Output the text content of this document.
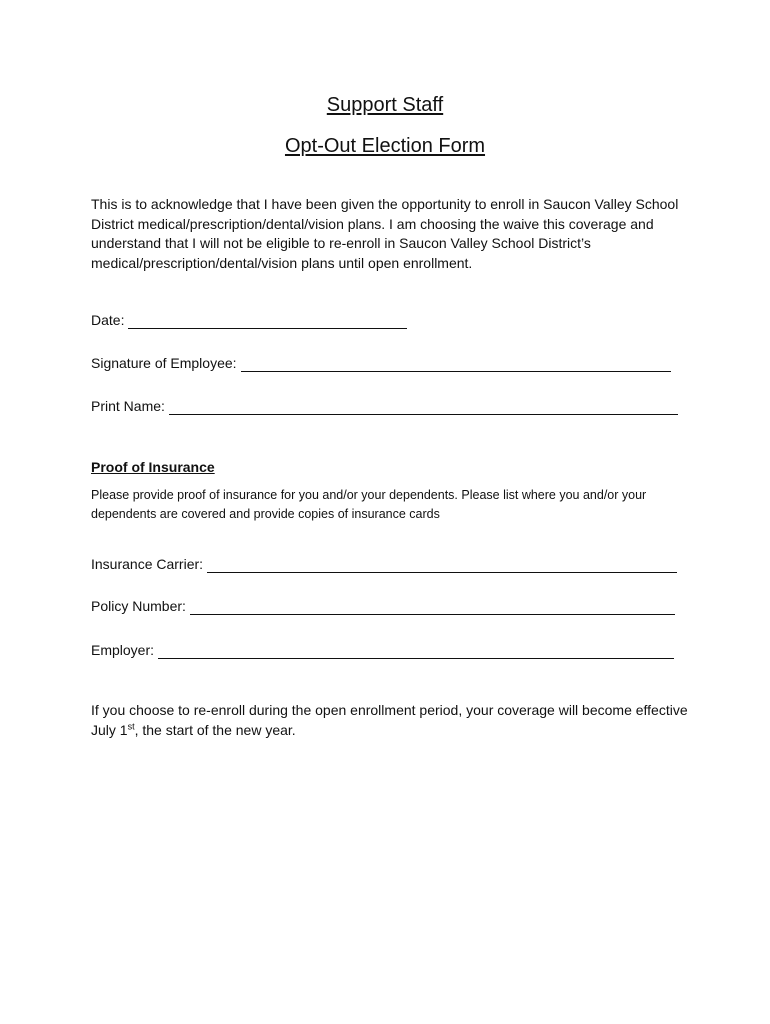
Support Staff
Opt-Out Election Form
This is to acknowledge that I have been given the opportunity to enroll in Saucon Valley School District medical/prescription/dental/vision plans. I am choosing the waive this coverage and understand that I will not be eligible to re-enroll in Saucon Valley School District’s medical/prescription/dental/vision plans until open enrollment.
Date:
Signature of Employee:
Print Name:
Proof of Insurance
Please provide proof of insurance for you and/or your dependents. Please list where you and/or your dependents are covered and provide copies of insurance cards
Insurance Carrier:
Policy Number:
Employer:
If you choose to re-enroll during the open enrollment period, your coverage will become effective July 1st, the start of the new year.
